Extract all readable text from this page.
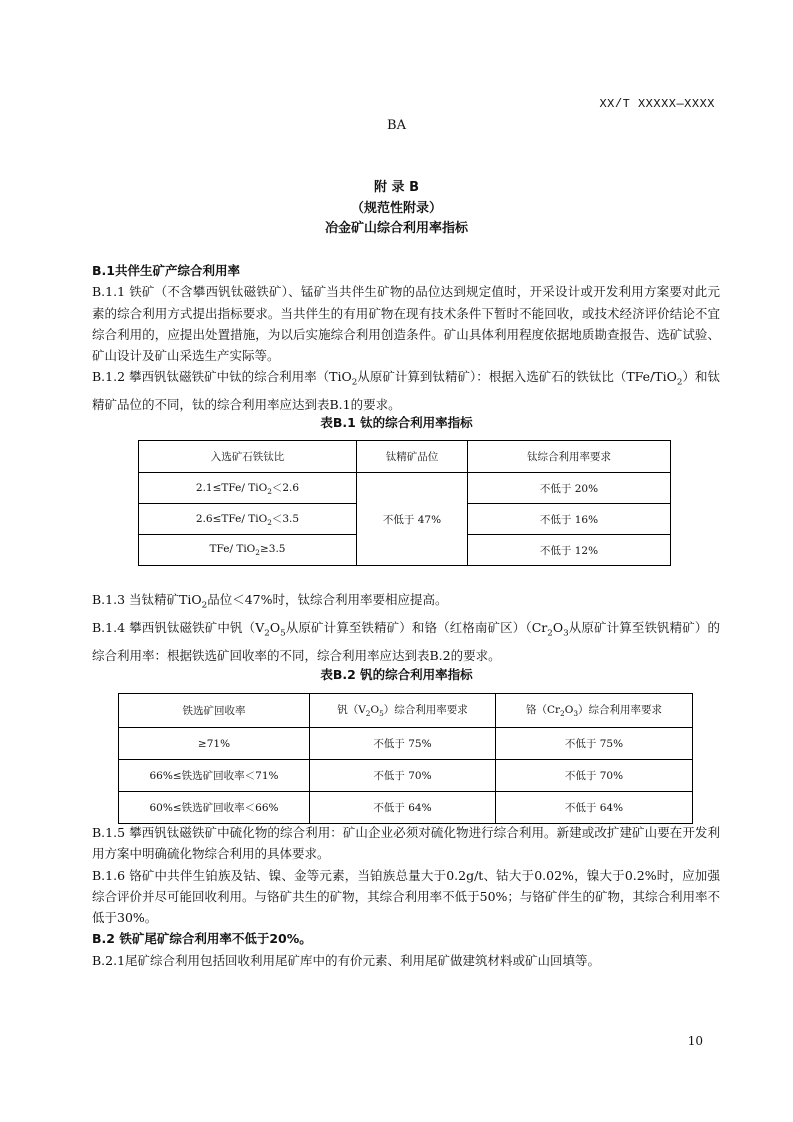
XX/T XXXXX—XXXX
BA
附 录 B
（规范性附录）
冶金矿山综合利用率指标

B.1共伴生矿产综合利用率

B.1.1 铁矿（不含攀西钒钛磁铁矿）、锰矿当共伴生矿物的品位达到规定值时，开采设计或开发利用方案要对此元素的综合利用方式提出指标要求。当共伴生的有用矿物在现有技术条件下暂时不能回收，或技术经济评价结论不宜综合利用的，应提出处置措施，为以后实施综合利用创造条件。矿山具体利用程度依据地质勘查报告、选矿试验、矿山设计及矿山采选生产实际等。

B.1.2 攀西钒钛磁铁矿中钛的综合利用率（TiO$_2$从原矿计算到钛精矿）：根据入选矿石的铁钛比（TFe/TiO$_2$）和钛精矿品位的不同，钛的综合利用率应达到表B.1的要求。

表B.1 钛的综合利用率指标
入选矿石铁钛比	钛精矿品位	钛综合利用率要求
2.1≤TFe/ TiO$_2$＜2.6	不低于 47%	不低于 20%
2.6≤TFe/ TiO$_2$＜3.5		不低于 16%
TFe/ TiO$_2$≥3.5		不低于 12%

B.1.3 当钛精矿TiO$_2$品位＜47%时，钛综合利用率要相应提高。

B.1.4 攀西钒钛磁铁矿中钒（$V_2O_5$从原矿计算至铁精矿）和铬（红格南矿区）（$Cr_2O_3$从原矿计算至铁钒精矿）的综合利用率：根据铁选矿回收率的不同，综合利用率应达到表B.2的要求。

表B.2 钒的综合利用率指标
铁选矿回收率	钒$(V_2O_5)$综合利用率要求	铬$(Cr_2O_3)$综合利用率要求
≥71%	不低于 75%	不低于 75%
66%≤铁选矿回收率＜71%	不低于 70%	不低于 70%
60%≤铁选矿回收率＜66%	不低于 64%	不低于 64%

B.1.5 攀西钒钛磁铁矿中硫化物的综合利用：矿山企业必须对硫化物进行综合利用。新建或改扩建矿山要在开发利用方案中明确硫化物综合利用的具体要求。

B.1.6 铬矿中共伴生铂族及钴、镍、金等元素，当铂族总量大于0.2g/t、钴大于0.02%，镍大于0.2%时，应加强综合评价并尽可能回收利用。与铬矿共生的矿物，其综合利用率不低于50%；与铬矿伴生的矿物，其综合利用率不低于30%。

B.2 铁矿尾矿综合利用率不低于20%。

B.2.1尾矿综合利用包括回收利用尾矿库中的有价元素、利用尾矿做建筑材料或矿山回填等。

10
